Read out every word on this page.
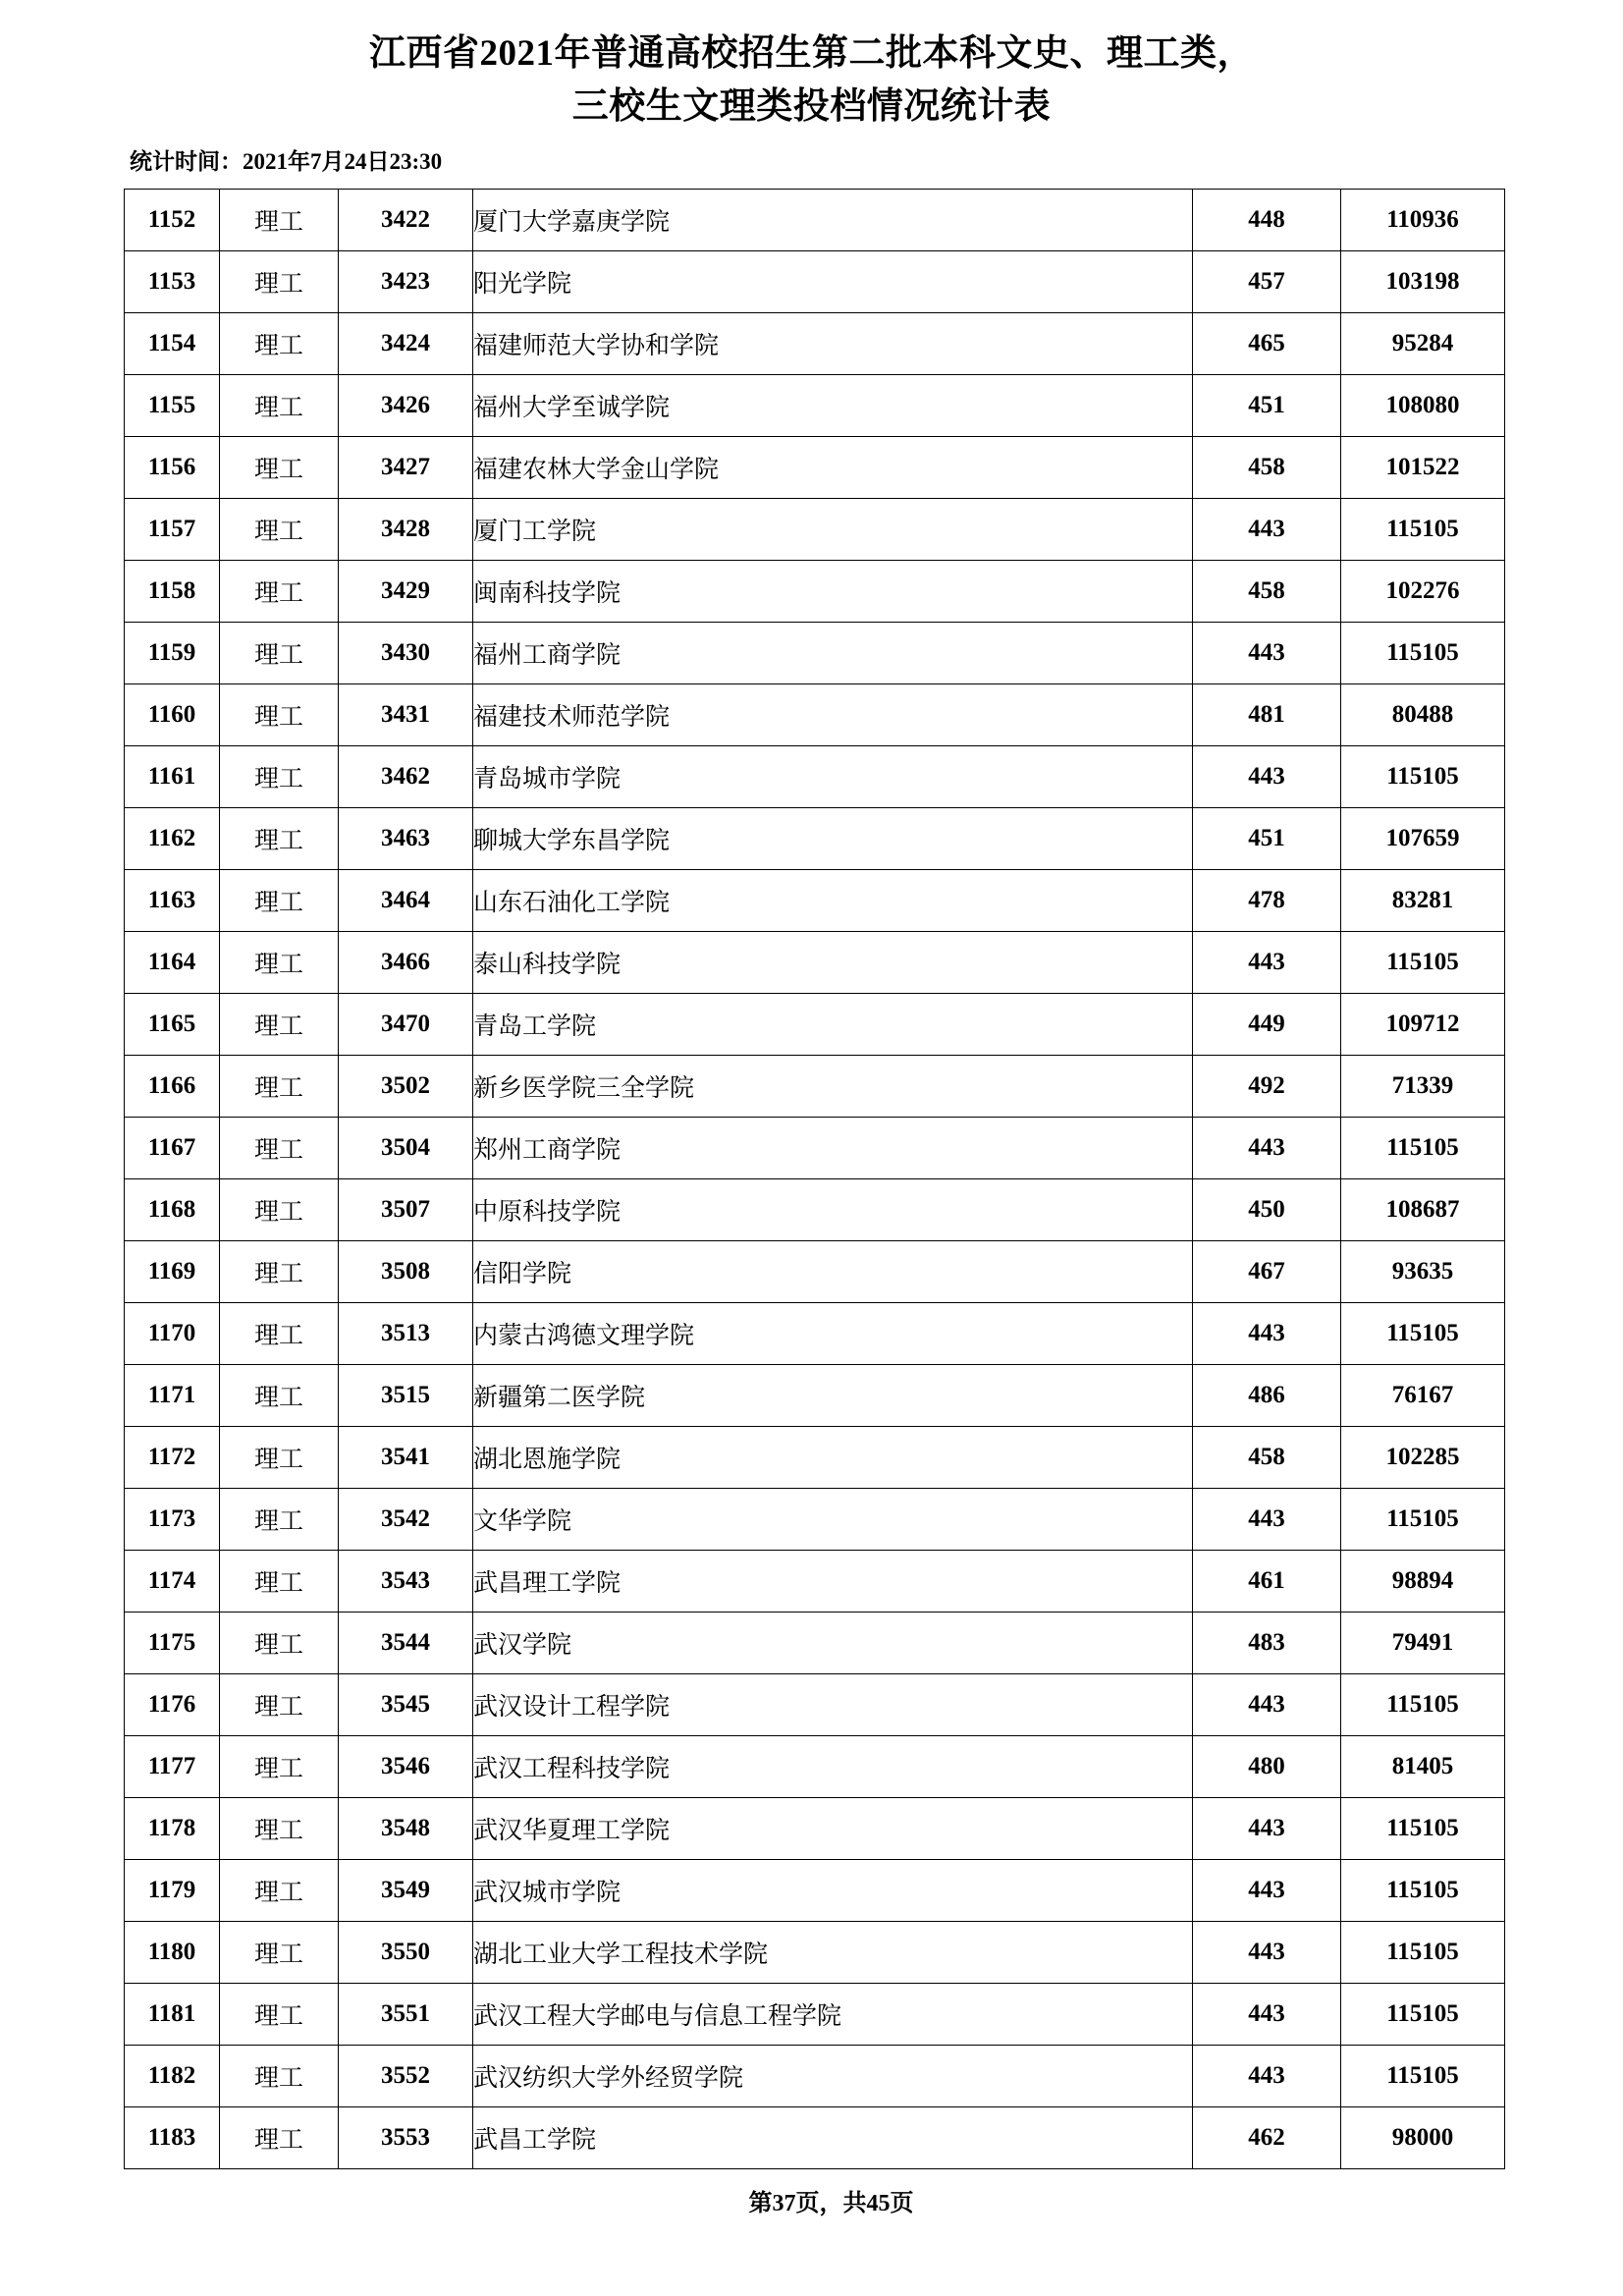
江西省2021年普通高校招生第二批本科文史、理工类，
三校生文理类投档情况统计表

统计时间：2021年7月24日23:30

1152	理工	3422	厦门大学嘉庚学院	448	110936
1153	理工	3423	阳光学院	457	103198
1154	理工	3424	福建师范大学协和学院	465	95284
1155	理工	3426	福州大学至诚学院	451	108080
1156	理工	3427	福建农林大学金山学院	458	101522
1157	理工	3428	厦门工学院	443	115105
1158	理工	3429	闽南科技学院	458	102276
1159	理工	3430	福州工商学院	443	115105
1160	理工	3431	福建技术师范学院	481	80488
1161	理工	3462	青岛城市学院	443	115105
1162	理工	3463	聊城大学东昌学院	451	107659
1163	理工	3464	山东石油化工学院	478	83281
1164	理工	3466	泰山科技学院	443	115105
1165	理工	3470	青岛工学院	449	109712
1166	理工	3502	新乡医学院三全学院	492	71339
1167	理工	3504	郑州工商学院	443	115105
1168	理工	3507	中原科技学院	450	108687
1169	理工	3508	信阳学院	467	93635
1170	理工	3513	内蒙古鸿德文理学院	443	115105
1171	理工	3515	新疆第二医学院	486	76167
1172	理工	3541	湖北恩施学院	458	102285
1173	理工	3542	文华学院	443	115105
1174	理工	3543	武昌理工学院	461	98894
1175	理工	3544	武汉学院	483	79491
1176	理工	3545	武汉设计工程学院	443	115105
1177	理工	3546	武汉工程科技学院	480	81405
1178	理工	3548	武汉华夏理工学院	443	115105
1179	理工	3549	武汉城市学院	443	115105
1180	理工	3550	湖北工业大学工程技术学院	443	115105
1181	理工	3551	武汉工程大学邮电与信息工程学院	443	115105
1182	理工	3552	武汉纺织大学外经贸学院	443	115105
1183	理工	3553	武昌工学院	462	98000

第37页，共45页
